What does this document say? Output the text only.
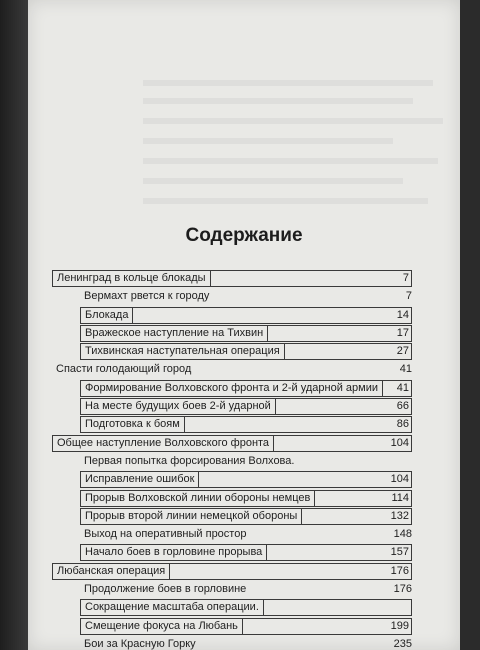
Содержание
Ленинград в кольце блокады	7
Вермахт рвется к городу	7
Блокада	14
Вражеское наступление на Тихвин	17
Тихвинская наступательная операция	27
Спасти голодающий город	41
Формирование Волховского фронта и 2-й ударной армии	41
На месте будущих боев 2-й ударной	66
Подготовка к боям	86
Общее наступление Волховского фронта	104
Первая попытка форсирования Волхова.
Исправление ошибок	104
Прорыв Волховской линии обороны немцев	114
Прорыв второй линии немецкой обороны	132
Выход на оперативный простор	148
Начало боев в горловине прорыва	157
Любанская операция	176
Продолжение боев в горловине	176
Сокращение масштаба операции.
Смещение фокуса на Любань	199
Бои за Красную Горку	235
